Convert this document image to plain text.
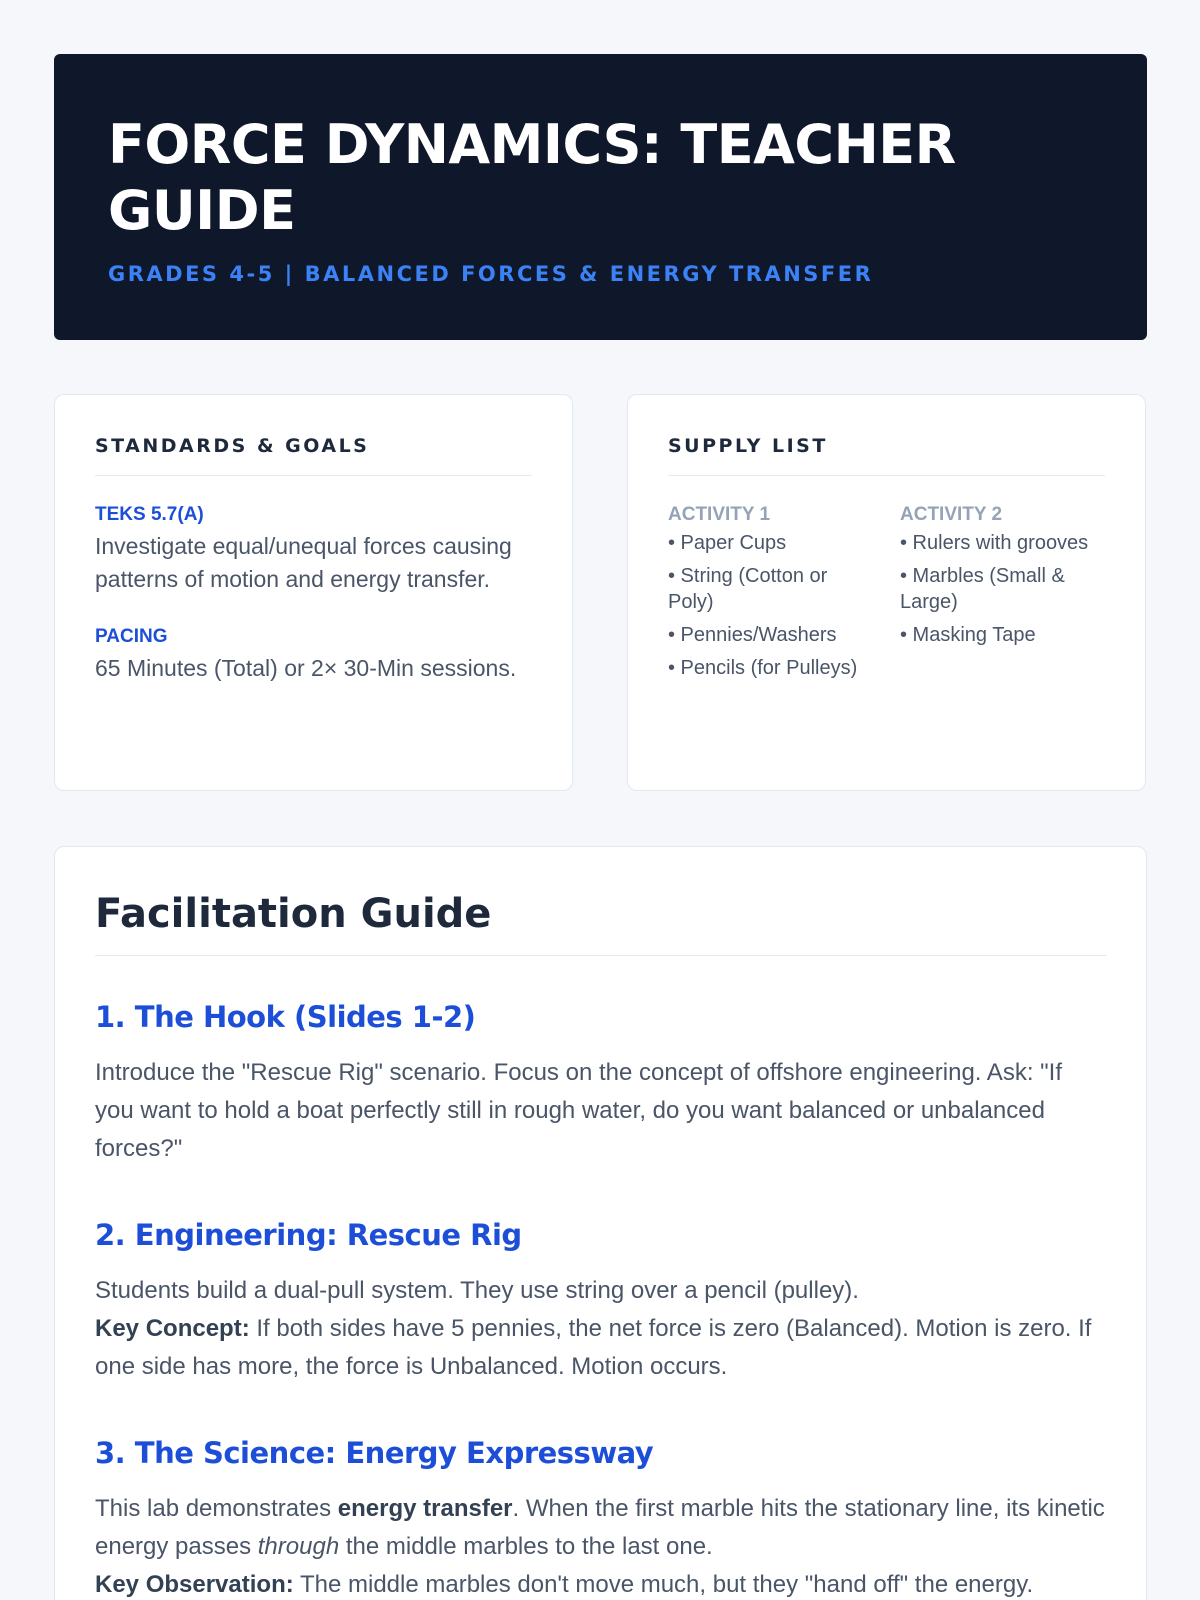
FORCE DYNAMICS: TEACHER GUIDE
GRADES 4-5 | BALANCED FORCES & ENERGY TRANSFER
STANDARDS & GOALS
TEKS 5.7(A)
Investigate equal/unequal forces causing patterns of motion and energy transfer.
PACING
65 Minutes (Total) or 2× 30-Min sessions.
SUPPLY LIST
ACTIVITY 1
• Paper Cups
• String (Cotton or Poly)
• Pennies/Washers
• Pencils (for Pulleys)
ACTIVITY 2
• Rulers with grooves
• Marbles (Small & Large)
• Masking Tape
Facilitation Guide
1. The Hook (Slides 1-2)

Introduce the "Rescue Rig" scenario. Focus on the concept of offshore engineering. Ask: "If you want to hold a boat perfectly still in rough water, do you want balanced or unbalanced forces?"

2. Engineering: Rescue Rig

Students build a dual-pull system. They use string over a pencil (pulley).
Key Concept: If both sides have 5 pennies, the net force is zero (Balanced). Motion is zero. If one side has more, the force is Unbalanced. Motion occurs.

3. The Science: Energy Expressway

This lab demonstrates energy transfer. When the first marble hits the stationary line, its kinetic energy passes through the middle marbles to the last one.
Key Observation: The middle marbles don't move much, but they "hand off" the energy.
